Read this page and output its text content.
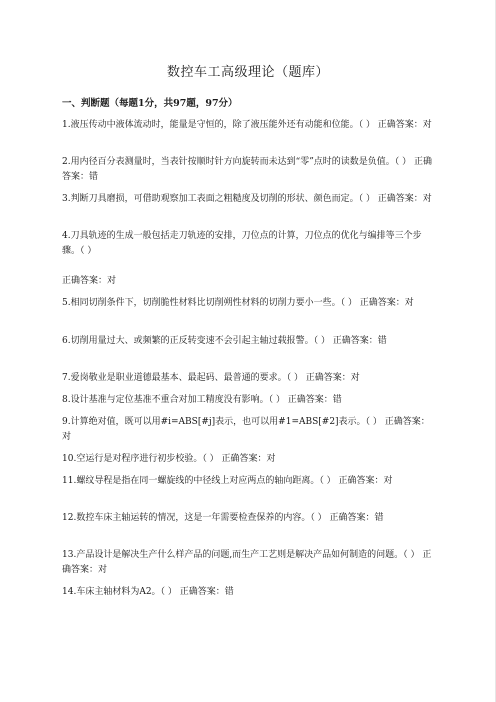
数控车工高级理论（题库）
一、判断题（每题1分，共97题，97分）

1.液压传动中液体流动时，能量是守恒的，除了液压能外还有动能和位能。（ ） 正确答案：对

2.用内径百分表测量时，当表针按顺时针方向旋转而未达到“零”点时的读数是负值。（ ） 正确答案：错

3.判断刀具磨损，可借助观察加工表面之粗糙度及切削的形状、颜色而定。（ ） 正确答案：对

4.刀具轨迹的生成一般包括走刀轨迹的安排，刀位点的计算，刀位点的优化与编排等三个步骤。（ ）

正确答案：对

5.相同切削条件下，切削脆性材料比切削朔性材料的切削力要小一些。（ ） 正确答案：对

6.切削用量过大、或频繁的正反转变速不会引起主轴过载报警。（ ） 正确答案：错

7.爱岗敬业是职业道德最基本、最起码、最普通的要求。（ ） 正确答案：对

8.设计基准与定位基准不重合对加工精度没有影响。（ ） 正确答案：错

9.计算绝对值，既可以用#i=ABS[#j]表示，也可以用#1=ABS[#2]表示。（ ） 正确答案：对

10.空运行是对程序进行初步校验。（ ） 正确答案：对

11.螺纹导程是指在同一螺旋线的中径线上对应两点的轴向距离。（ ） 正确答案：对

12.数控车床主轴运转的情况，这是一年需要检查保养的内容。（ ） 正确答案：错

13.产品设计是解决生产什么样产品的问题,而生产工艺则是解决产品如何制造的问题。（ ） 正确答案：对

14.车床主轴材料为A2。（ ） 正确答案：错
